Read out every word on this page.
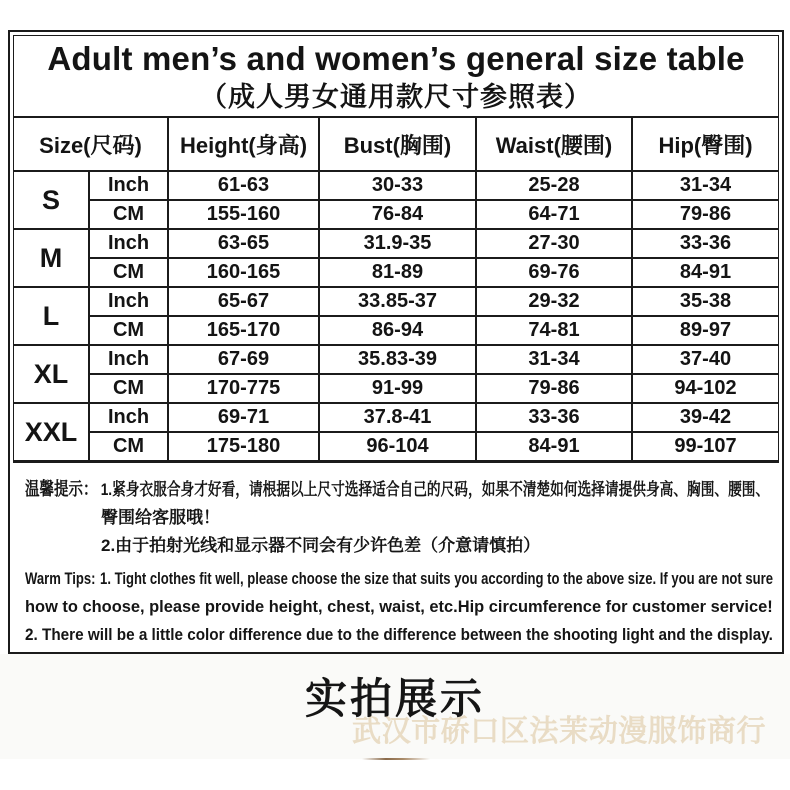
Adult men’s and women’s general size table
（成人男女通用款尺寸参照表）					

Size(尺码)		Height(身高)	Bust(胸围)	Waist(腰围)	Hip(臀围)
S	Inch	61-63	30-33	25-28	31-34
	CM	155-160	76-84	64-71	79-86
M	Inch	63-65	31.9-35	27-30	33-36
	CM	160-165	81-89	69-76	84-91
L	Inch	65-67	33.85-37	29-32	35-38
	CM	165-170	86-94	74-81	89-97
XL	Inch	67-69	35.83-39	31-34	37-40
	CM	170-775	91-99	79-86	94-102
XXL	Inch	69-71	37.8-41	33-36	39-42
	CM	175-180	96-104	84-91	99-107
温馨提示： 1.紧身衣服合身才好看，请根据以上尺寸选择适合自己的尺码，如果不清楚如何选择请提供身高、胸围、腰围、
臀围给客服哦！
2.由于拍射光线和显示器不同会有少许色差（介意请慎拍）
Warm Tips: 1. Tight clothes fit well, please choose the size that suits you according to the above size. If you are not sure
how to choose, please provide height, chest, waist, etc.Hip circumference for customer service!
2. There will be a little color difference due to the difference between the shooting light and the display.
武汉市硚口区法茉动漫服饰商行
实拍展示
